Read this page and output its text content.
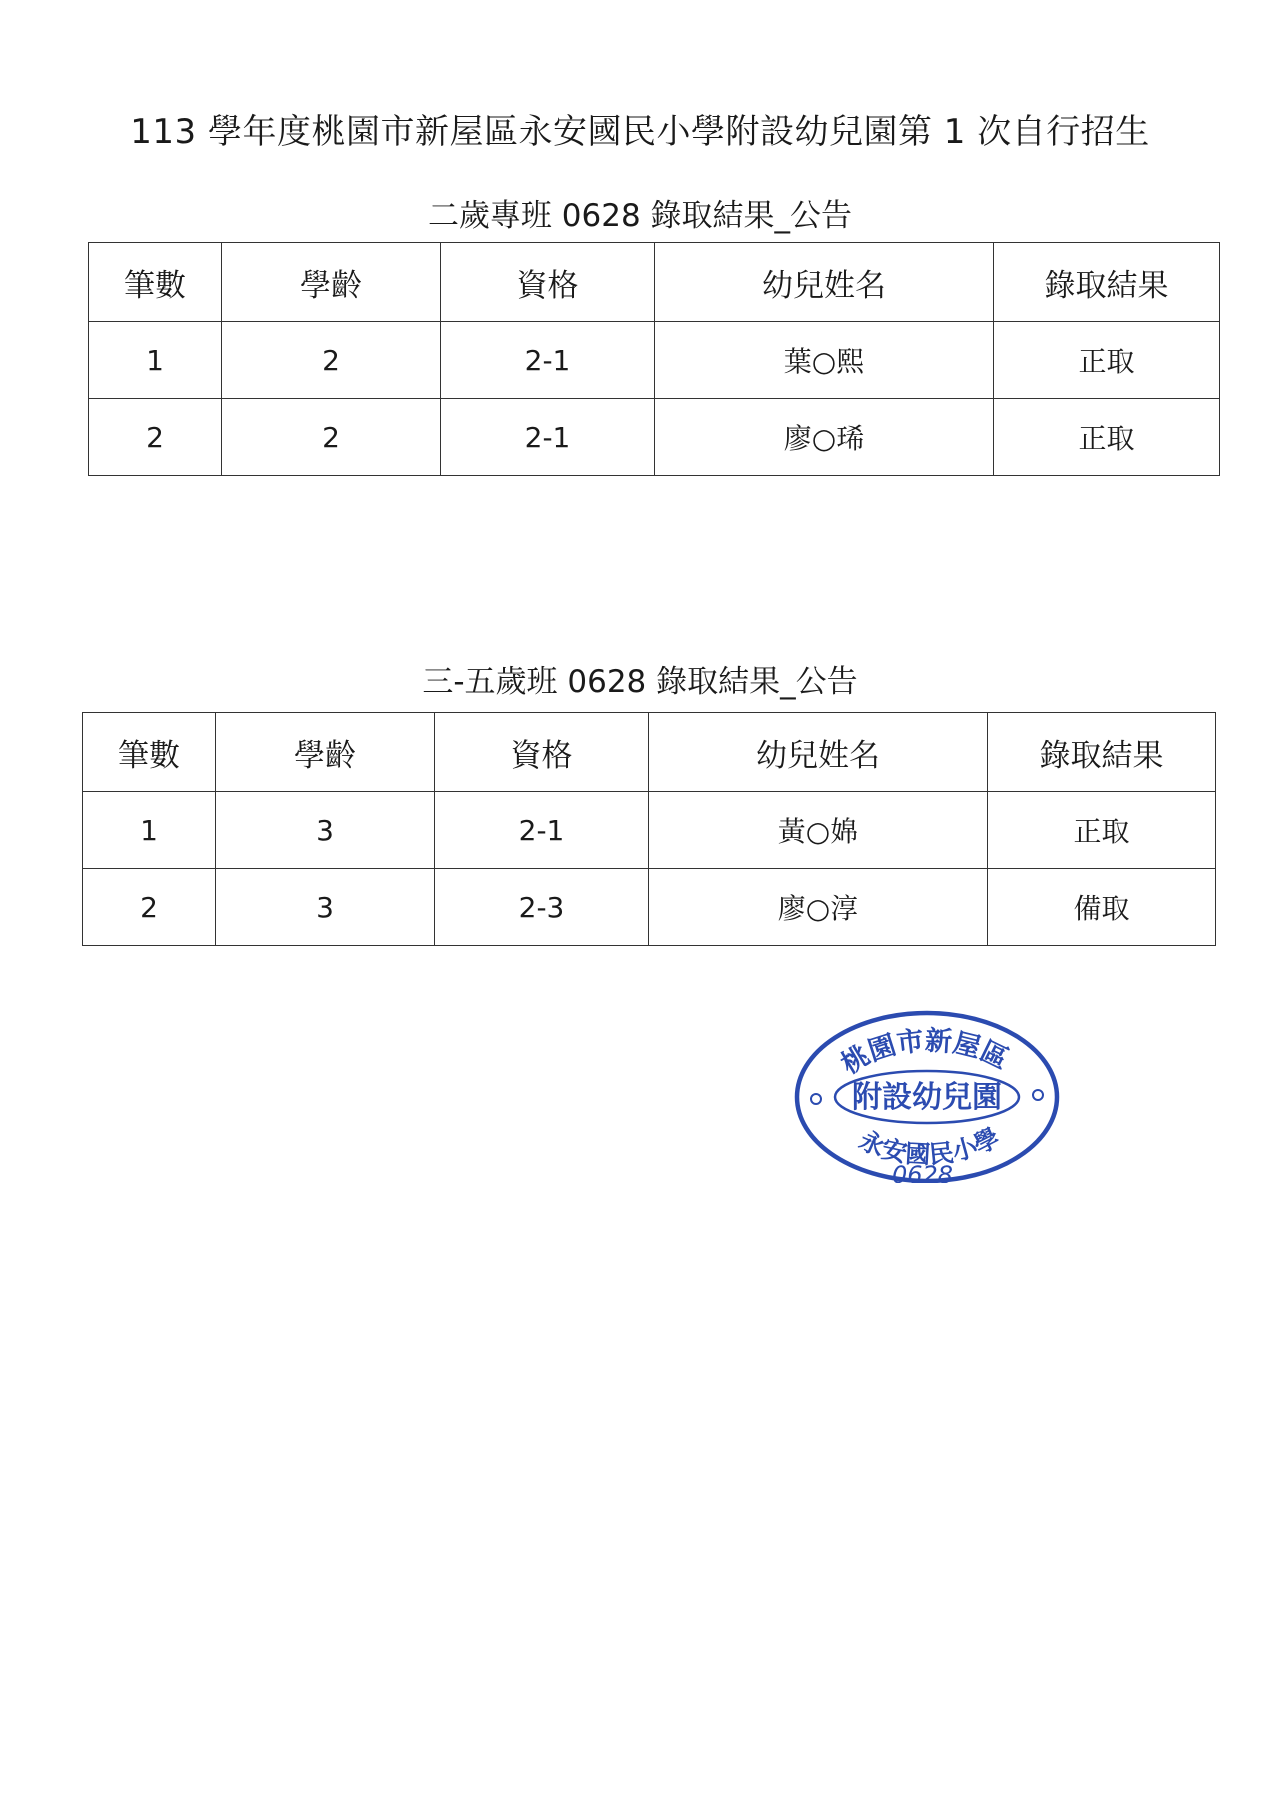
113 學年度桃園市新屋區永安國民小學附設幼兒園第 1 次自行招生
二歲專班 0628 錄取結果_公告
筆數	學齡	資格	幼兒姓名	錄取結果
1	2	2-1	葉○熙	正取
2	2	2-1	廖○琋	正取
三-五歲班 0628 錄取結果_公告
筆數	學齡	資格	幼兒姓名	錄取結果
1	3	2-1	黃○婂	正取
2	3	2-3	廖○淳	備取
桃園市新屋區
附設幼兒園
永安國民小學
0628
